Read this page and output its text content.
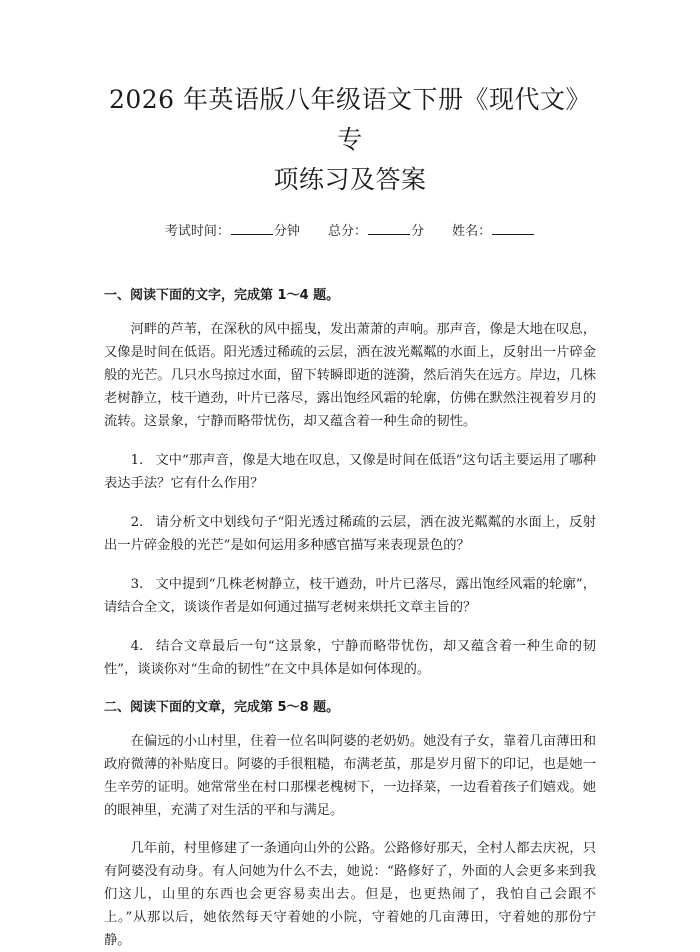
2026 年英语版八年级语文下册《现代文》专
项练习及答案
考试时间：	分钟 总分：	分 姓名：
一、阅读下面的文字，完成第 1～4 题。

河畔的芦苇，在深秋的风中摇曳，发出萧萧的声响。那声音，像是大地在叹息，又像是时间在低语。阳光透过稀疏的云层，洒在波光粼粼的水面上，反射出一片碎金般的光芒。几只水鸟掠过水面，留下转瞬即逝的涟漪，然后消失在远方。岸边，几株老树静立，枝干遒劲，叶片已落尽，露出饱经风霜的轮廓，仿佛在默然注视着岁月的流转。这景象，宁静而略带忧伤，却又蕴含着一种生命的韧性。

1. 文中“那声音，像是大地在叹息，又像是时间在低语”这句话主要运用了哪种表达手法？它有什么作用？

2. 请分析文中划线句子“阳光透过稀疏的云层，洒在波光粼粼的水面上，反射出一片碎金般的光芒”是如何运用多种感官描写来表现景色的？

3. 文中提到“几株老树静立，枝干遒劲，叶片已落尽，露出饱经风霜的轮廓”，请结合全文，谈谈作者是如何通过描写老树来烘托文章主旨的？

4. 结合文章最后一句“这景象，宁静而略带忧伤，却又蕴含着一种生命的韧性”，谈谈你对“生命的韧性”在文中具体是如何体现的。

二、阅读下面的文章，完成第 5～8 题。

在偏远的小山村里，住着一位名叫阿婆的老奶奶。她没有子女，靠着几亩薄田和政府微薄的补贴度日。阿婆的手很粗糙，布满老茧，那是岁月留下的印记，也是她一生辛劳的证明。她常常坐在村口那棵老槐树下，一边择菜，一边看着孩子们嬉戏。她的眼神里，充满了对生活的平和与满足。

几年前，村里修建了一条通向山外的公路。公路修好那天，全村人都去庆祝，只有阿婆没有动身。有人问她为什么不去，她说：“路修好了，外面的人会更多来到我们这儿，山里的东西也会更容易卖出去。但是，也更热闹了，我怕自己会跟不上。”从那以后，她依然每天守着她的小院，守着她的几亩薄田，守着她的那份宁静。
